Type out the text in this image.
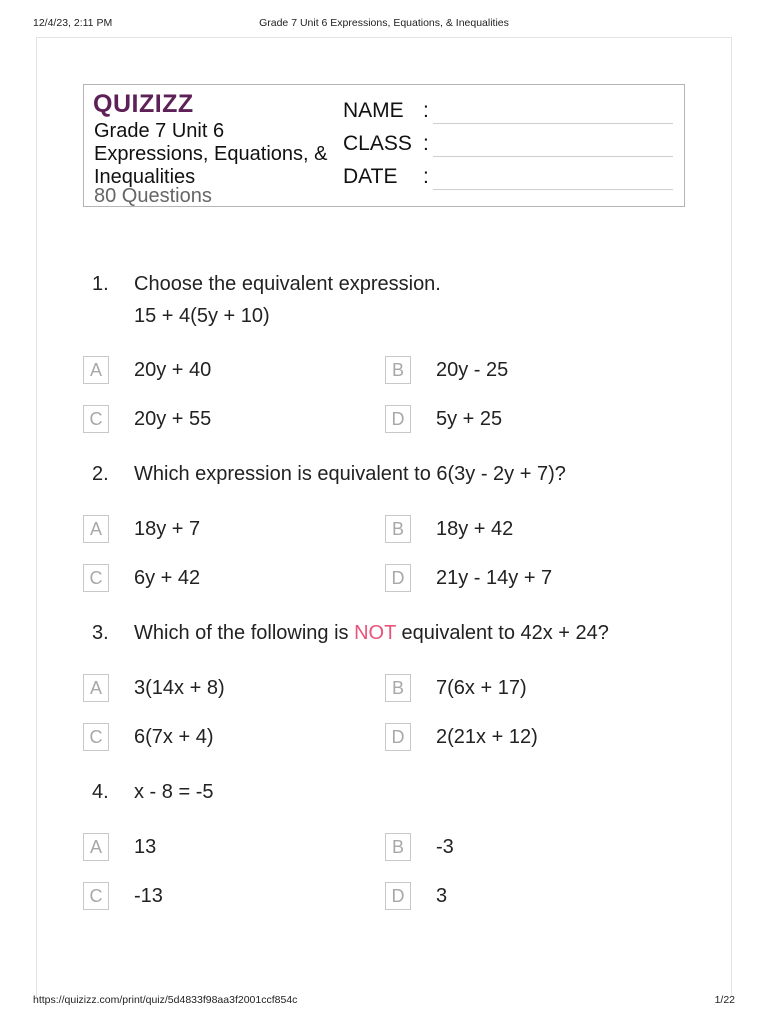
12/4/23, 2:11 PM	Grade 7 Unit 6 Expressions, Equations, & Inequalities
QUIZIZZ
Grade 7 Unit 6 Expressions, Equations, & Inequalities
80 Questions
NAME :
CLASS :
DATE :
1. Choose the equivalent expression.
15 + 4(5y + 10)
A	20y + 40	B	20y - 25
C	20y + 55	D	5y + 25
2. Which expression is equivalent to 6(3y - 2y + 7)?
A	18y + 7	B	18y + 42
C	6y + 42	D	21y - 14y + 7
3. Which of the following is NOT equivalent to 42x + 24?
A	3(14x + 8)	B	7(6x + 17)
C	6(7x + 4)	D	2(21x + 12)
4. x - 8 = -5
A	13	B	-3
C	-13	D	3
https://quizizz.com/print/quiz/5d4833f98aa3f2001ccf854c	1/22
